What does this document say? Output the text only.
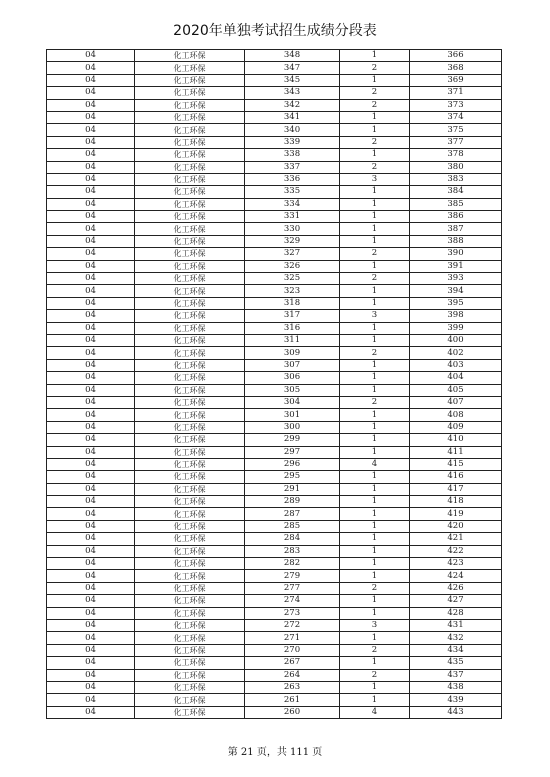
2020年单独考试招生成绩分段表
04	化工环保	348	1	366
04	化工环保	347	2	368
04	化工环保	345	1	369
04	化工环保	343	2	371
04	化工环保	342	2	373
04	化工环保	341	1	374
04	化工环保	340	1	375
04	化工环保	339	2	377
04	化工环保	338	1	378
04	化工环保	337	2	380
04	化工环保	336	3	383
04	化工环保	335	1	384
04	化工环保	334	1	385
04	化工环保	331	1	386
04	化工环保	330	1	387
04	化工环保	329	1	388
04	化工环保	327	2	390
04	化工环保	326	1	391
04	化工环保	325	2	393
04	化工环保	323	1	394
04	化工环保	318	1	395
04	化工环保	317	3	398
04	化工环保	316	1	399
04	化工环保	311	1	400
04	化工环保	309	2	402
04	化工环保	307	1	403
04	化工环保	306	1	404
04	化工环保	305	1	405
04	化工环保	304	2	407
04	化工环保	301	1	408
04	化工环保	300	1	409
04	化工环保	299	1	410
04	化工环保	297	1	411
04	化工环保	296	4	415
04	化工环保	295	1	416
04	化工环保	291	1	417
04	化工环保	289	1	418
04	化工环保	287	1	419
04	化工环保	285	1	420
04	化工环保	284	1	421
04	化工环保	283	1	422
04	化工环保	282	1	423
04	化工环保	279	1	424
04	化工环保	277	2	426
04	化工环保	274	1	427
04	化工环保	273	1	428
04	化工环保	272	3	431
04	化工环保	271	1	432
04	化工环保	270	2	434
04	化工环保	267	1	435
04	化工环保	264	2	437
04	化工环保	263	1	438
04	化工环保	261	1	439
04	化工环保	260	4	443
第 21 页，共 111 页
